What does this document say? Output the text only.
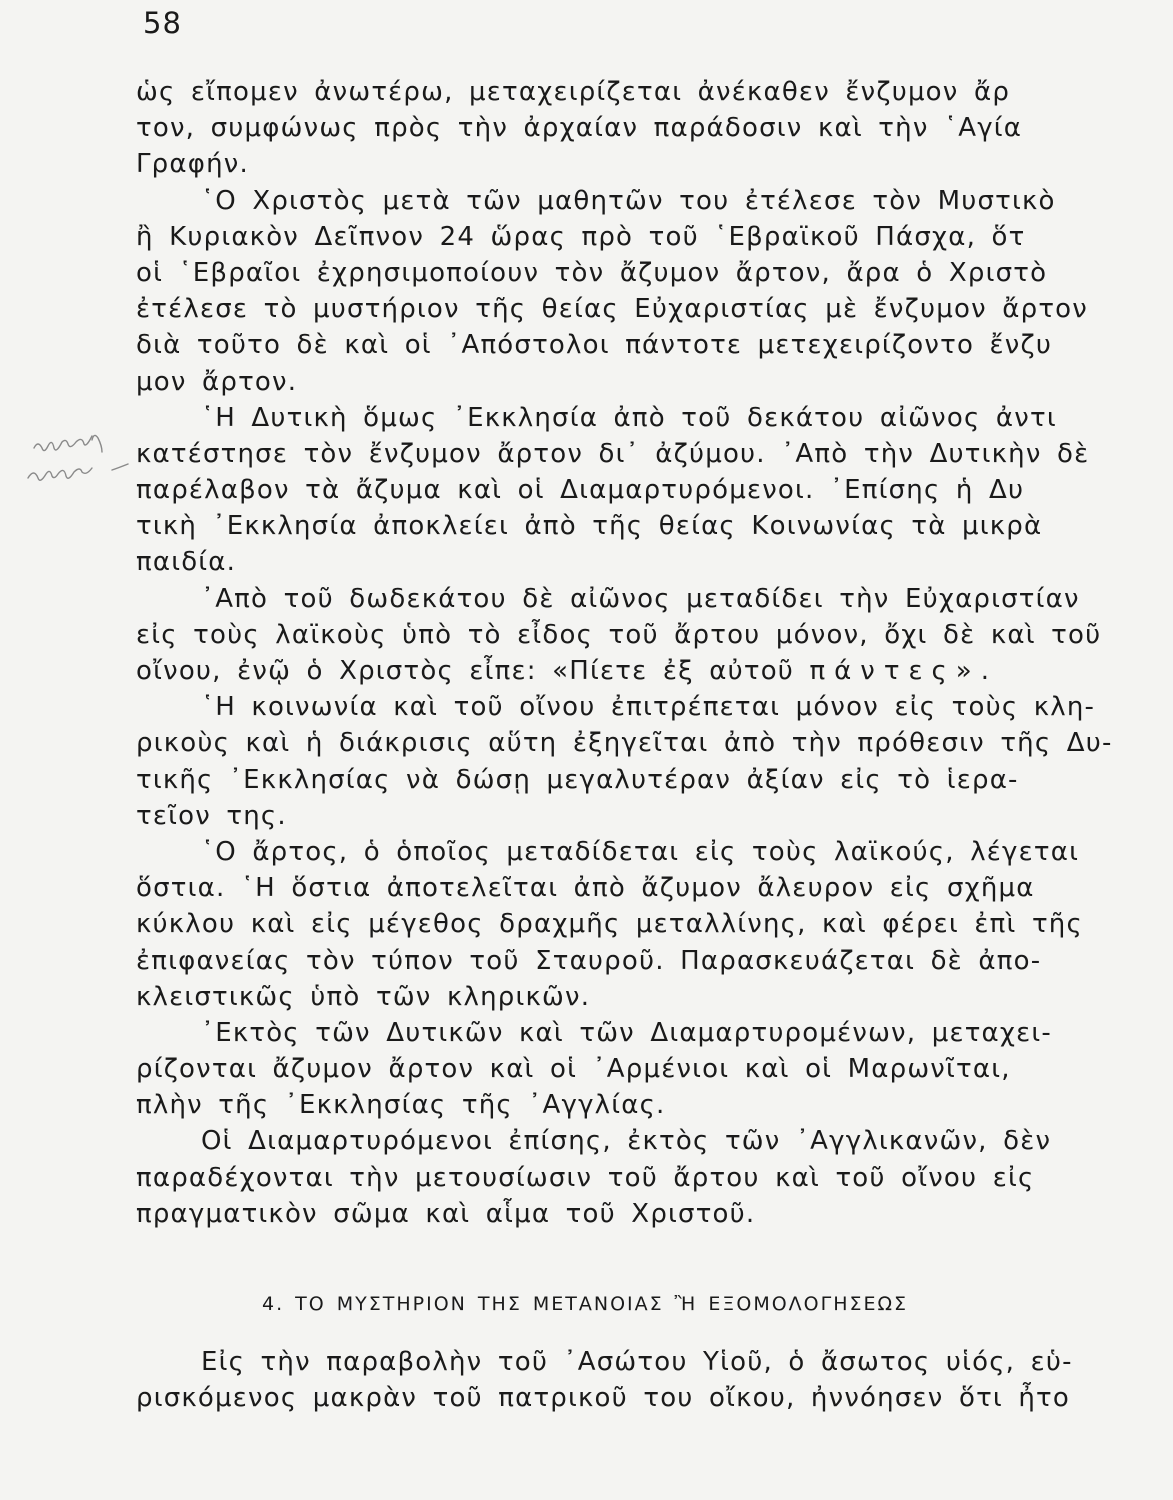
58
ὡς εἴπομεν ἀνωτέρω, μεταχειρίζεται ἀνέκαθεν ἔνζυμον ἄρ
τον, συμφώνως πρὸς τὴν ἀρχαίαν παράδοσιν καὶ τὴν ῾Αγία
Γραφήν.
῾Ο Χριστὸς μετὰ τῶν μαθητῶν του ἐτέλεσε τὸν Μυστικὸ
ἢ Κυριακὸν Δεῖπνον 24 ὥρας πρὸ τοῦ ῾Εβραϊκοῦ Πάσχα, ὅτ
οἱ ῾Εβραῖοι ἐχρησιμοποίουν τὸν ἄζυμον ἄρτον, ἄρα ὁ Χριστὸ
ἐτέλεσε τὸ μυστήριον τῆς θείας Εὐχαριστίας μὲ ἔνζυμον ἄρτον
διὰ τοῦτο δὲ καὶ οἱ ᾿Απόστολοι πάντοτε μετεχειρίζοντο ἔνζυ
μον ἄρτον.
῾Η Δυτικὴ ὅμως ᾿Εκκλησία ἀπὸ τοῦ δεκάτου αἰῶνος ἀντι
κατέστησε τὸν ἔνζυμον ἄρτον δι᾿ ἀζύμου. ᾿Απὸ τὴν Δυτικὴν δὲ
παρέλαβον τὰ ἄζυμα καὶ οἱ Διαμαρτυρόμενοι. ᾿Επίσης ἡ Δυ
τικὴ ᾿Εκκλησία ἀποκλείει ἀπὸ τῆς θείας Κοινωνίας τὰ μικρὰ
παιδία.
᾿Απὸ τοῦ δωδεκάτου δὲ αἰῶνος μεταδίδει τὴν Εὐχαριστίαν
εἰς τοὺς λαϊκοὺς ὑπὸ τὸ εἶδος τοῦ ἄρτου μόνον, ὄχι δὲ καὶ τοῦ
οἴνου, ἐνῷ ὁ Χριστὸς εἶπε: «Πίετε ἐξ αὐτοῦ πάντες».
῾Η κοινωνία καὶ τοῦ οἴνου ἐπιτρέπεται μόνον εἰς τοὺς κλη-
ρικοὺς καὶ ἡ διάκρισις αὕτη ἐξηγεῖται ἀπὸ τὴν πρόθεσιν τῆς Δυ-
τικῆς ᾿Εκκλησίας νὰ δώσῃ μεγαλυτέραν ἀξίαν εἰς τὸ ἱερα-
τεῖον της.
῾Ο ἄρτος, ὁ ὁποῖος μεταδίδεται εἰς τοὺς λαϊκούς, λέγεται
ὅστια. ῾Η ὅστια ἀποτελεῖται ἀπὸ ἄζυμον ἄλευρον εἰς σχῆμα
κύκλου καὶ εἰς μέγεθος δραχμῆς μεταλλίνης, καὶ φέρει ἐπὶ τῆς
ἐπιφανείας τὸν τύπον τοῦ Σταυροῦ. Παρασκευάζεται δὲ ἀπο-
κλειστικῶς ὑπὸ τῶν κληρικῶν.
᾿Εκτὸς τῶν Δυτικῶν καὶ τῶν Διαμαρτυρομένων, μεταχει-
ρίζονται ἄζυμον ἄρτον καὶ οἱ ᾿Αρμένιοι καὶ οἱ Μαρωνῖται,
πλὴν τῆς ᾿Εκκλησίας τῆς ᾿Αγγλίας.
Οἱ Διαμαρτυρόμενοι ἐπίσης, ἐκτὸς τῶν ᾿Αγγλικανῶν, δὲν
παραδέχονται τὴν μετουσίωσιν τοῦ ἄρτου καὶ τοῦ οἴνου εἰς
πραγματικὸν σῶμα καὶ αἷμα τοῦ Χριστοῦ.
4. ΤΟ ΜΥΣΤΗΡΙΟΝ ΤΗΣ ΜΕΤΑΝΟΙΑΣ Ἢ ΕΞΟΜΟΛΟΓΗΣΕΩΣ
Εἰς τὴν παραβολὴν τοῦ ᾿Ασώτου Υἱοῦ, ὁ ἄσωτος υἱός, εὑ-
ρισκόμενος μακρὰν τοῦ πατρικοῦ του οἴκου, ἠννόησεν ὅτι ἦτο
